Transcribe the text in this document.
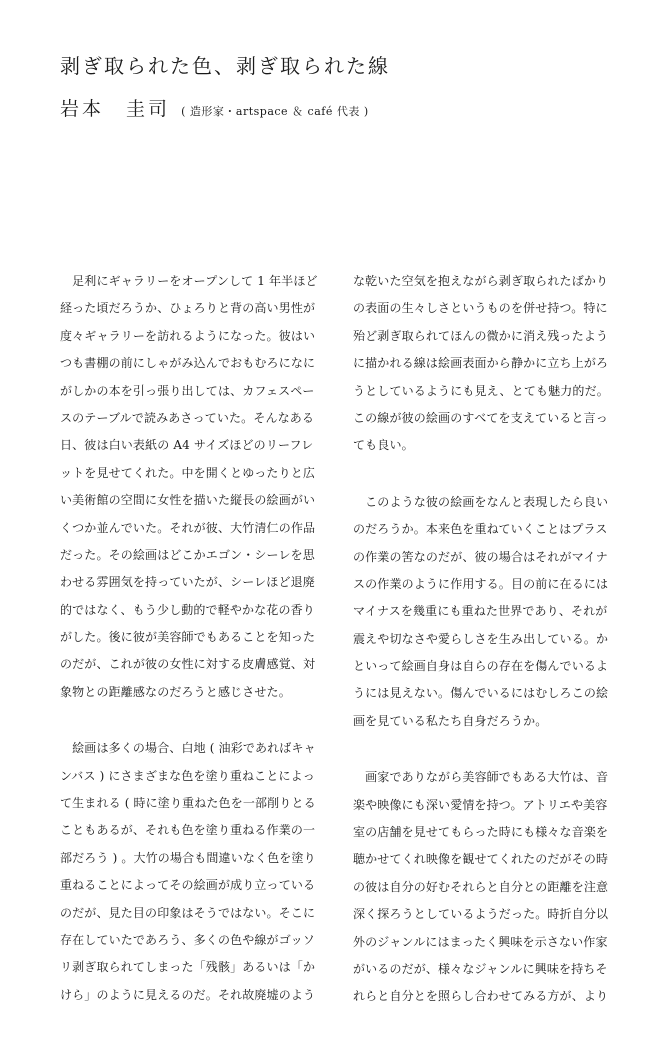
剥ぎ取られた色、剥ぎ取られた線
岩本　圭司 ( 造形家・artspace ＆ café 代表 )
　足利にギャラリーをオープンして 1 年半ほど
経った頃だろうか、ひょろりと背の高い男性が
度々ギャラリーを訪れるようになった。彼はい
つも書棚の前にしゃがみ込んでおもむろになに
がしかの本を引っ張り出しては、カフェスペー
スのテーブルで読みあさっていた。そんなある
日、彼は白い表紙の A4 サイズほどのリーフレ
ットを見せてくれた。中を開くとゆったりと広
い美術館の空間に女性を描いた縦長の絵画がい
くつか並んでいた。それが彼、大竹清仁の作品
だった。その絵画はどこかエゴン・シーレを思
わせる雰囲気を持っていたが、シーレほど退廃
的ではなく、もう少し動的で軽やかな花の香り
がした。後に彼が美容師でもあることを知った
のだが、これが彼の女性に対する皮膚感覚、対
象物との距離感なのだろうと感じさせた。
　絵画は多くの場合、白地 ( 油彩であればキャ
ンバス ) にさまざまな色を塗り重ねことによっ
て生まれる ( 時に塗り重ねた色を一部削りとる
こともあるが、それも色を塗り重ねる作業の一
部だろう ) 。大竹の場合も間違いなく色を塗り
重ねることによってその絵画が成り立っている
のだが、見た目の印象はそうではない。そこに
存在していたであろう、多くの色や線がゴッソ
リ剥ぎ取られてしまった「残骸」あるいは「か
けら」のように見えるのだ。それ故廃墟のよう
な乾いた空気を抱えながら剥ぎ取られたばかり
の表面の生々しさというものを併せ持つ。特に
殆ど剥ぎ取られてほんの微かに消え残ったよう
に描かれる線は絵画表面から静かに立ち上がろ
うとしているようにも見え、とても魅力的だ。
この線が彼の絵画のすべてを支えていると言っ
ても良い。
　このような彼の絵画をなんと表現したら良い
のだろうか。本来色を重ねていくことはプラス
の作業の筈なのだが、彼の場合はそれがマイナ
スの作業のように作用する。目の前に在るには
マイナスを幾重にも重ねた世界であり、それが
震えや切なさや愛らしさを生み出している。か
といって絵画自身は自らの存在を傷んでいるよ
うには見えない。傷んでいるにはむしろこの絵
画を見ている私たち自身だろうか。
　画家でありながら美容師でもある大竹は、音
楽や映像にも深い愛情を持つ。アトリエや美容
室の店舗を見せてもらった時にも様々な音楽を
聴かせてくれ映像を観せてくれたのだがその時
の彼は自分の好むそれらと自分との距離を注意
深く探ろうとしているようだった。時折自分以
外のジャンルにはまったく興味を示さない作家
がいるのだが、様々なジャンルに興味を持ちそ
れらと自分とを照らし合わせてみる方が、より
